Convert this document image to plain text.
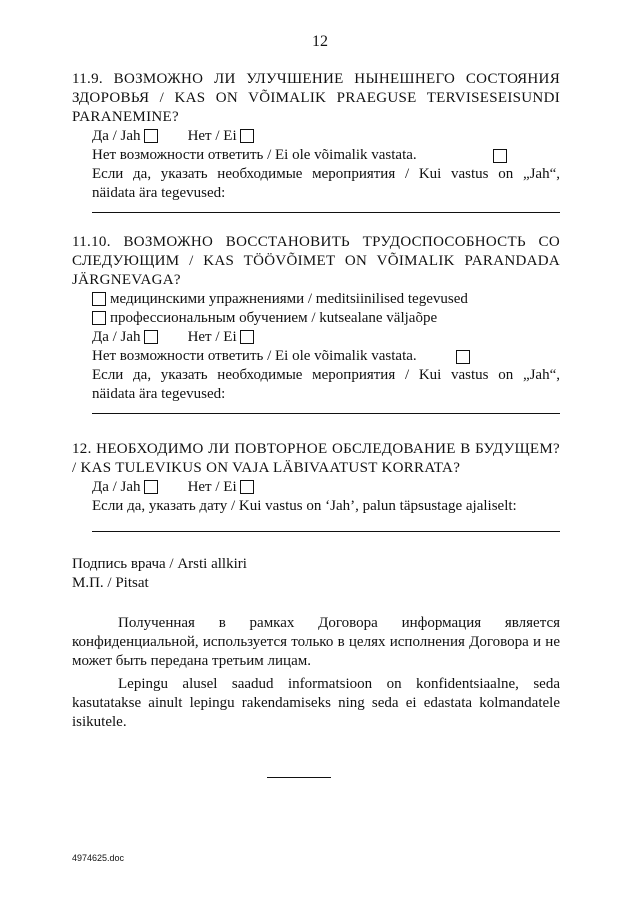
12
11.9. ВОЗМОЖНО ЛИ УЛУЧШЕНИЕ НЫНЕШНЕГО СОСТОЯНИЯ ЗДОРОВЬЯ / KAS ON VÕIMALIK PRAEGUSE TERVISESEISUNDI PARANEMINE?
Да / Jah	Нет / Ei
Нет возможности ответить / Ei ole võimalik vastata.
Если да, указать необходимые мероприятия / Kui vastus on „Jah“,
näidata ära tegevused:
11.10. ВОЗМОЖНО ВОССТАНОВИТЬ ТРУДОСПОСОБНОСТЬ СО СЛЕДУЮЩИМ / KAS TÖÖVÕIMET ON VÕIMALIK PARANDADA JÄRGNEVAGA?
медицинскими упражнениями / meditsiinilised tegevused
профессиональным обучением / kutsealane väljaõpe
Да / Jah	Нет / Ei
Нет возможности ответить / Ei ole võimalik vastata.
Если да, указать необходимые мероприятия / Kui vastus on „Jah“,
näidata ära tegevused:
12. НЕОБХОДИМО ЛИ ПОВТОРНОЕ ОБСЛЕДОВАНИЕ В БУДУЩЕМ? / KAS TULEVIKUS ON VAJA LÄBIVAATUST KORRATA?
Да / Jah	Нет / Ei
Если да, указать дату / Kui vastus on ‘Jah’, palun täpsustage ajaliselt:
Подпись врача / Arsti allkiri
М.П. / Pitsat

Полученная в рамках Договора информация является конфиденциальной, используется только в целях исполнения Договора и не может быть передана третьим лицам.

Lepingu alusel saadud informatsioon on konfidentsiaalne, seda kasutatakse ainult lepingu rakendamiseks ning seda ei edastata kolmandatele isikutele.

4974625.doc
